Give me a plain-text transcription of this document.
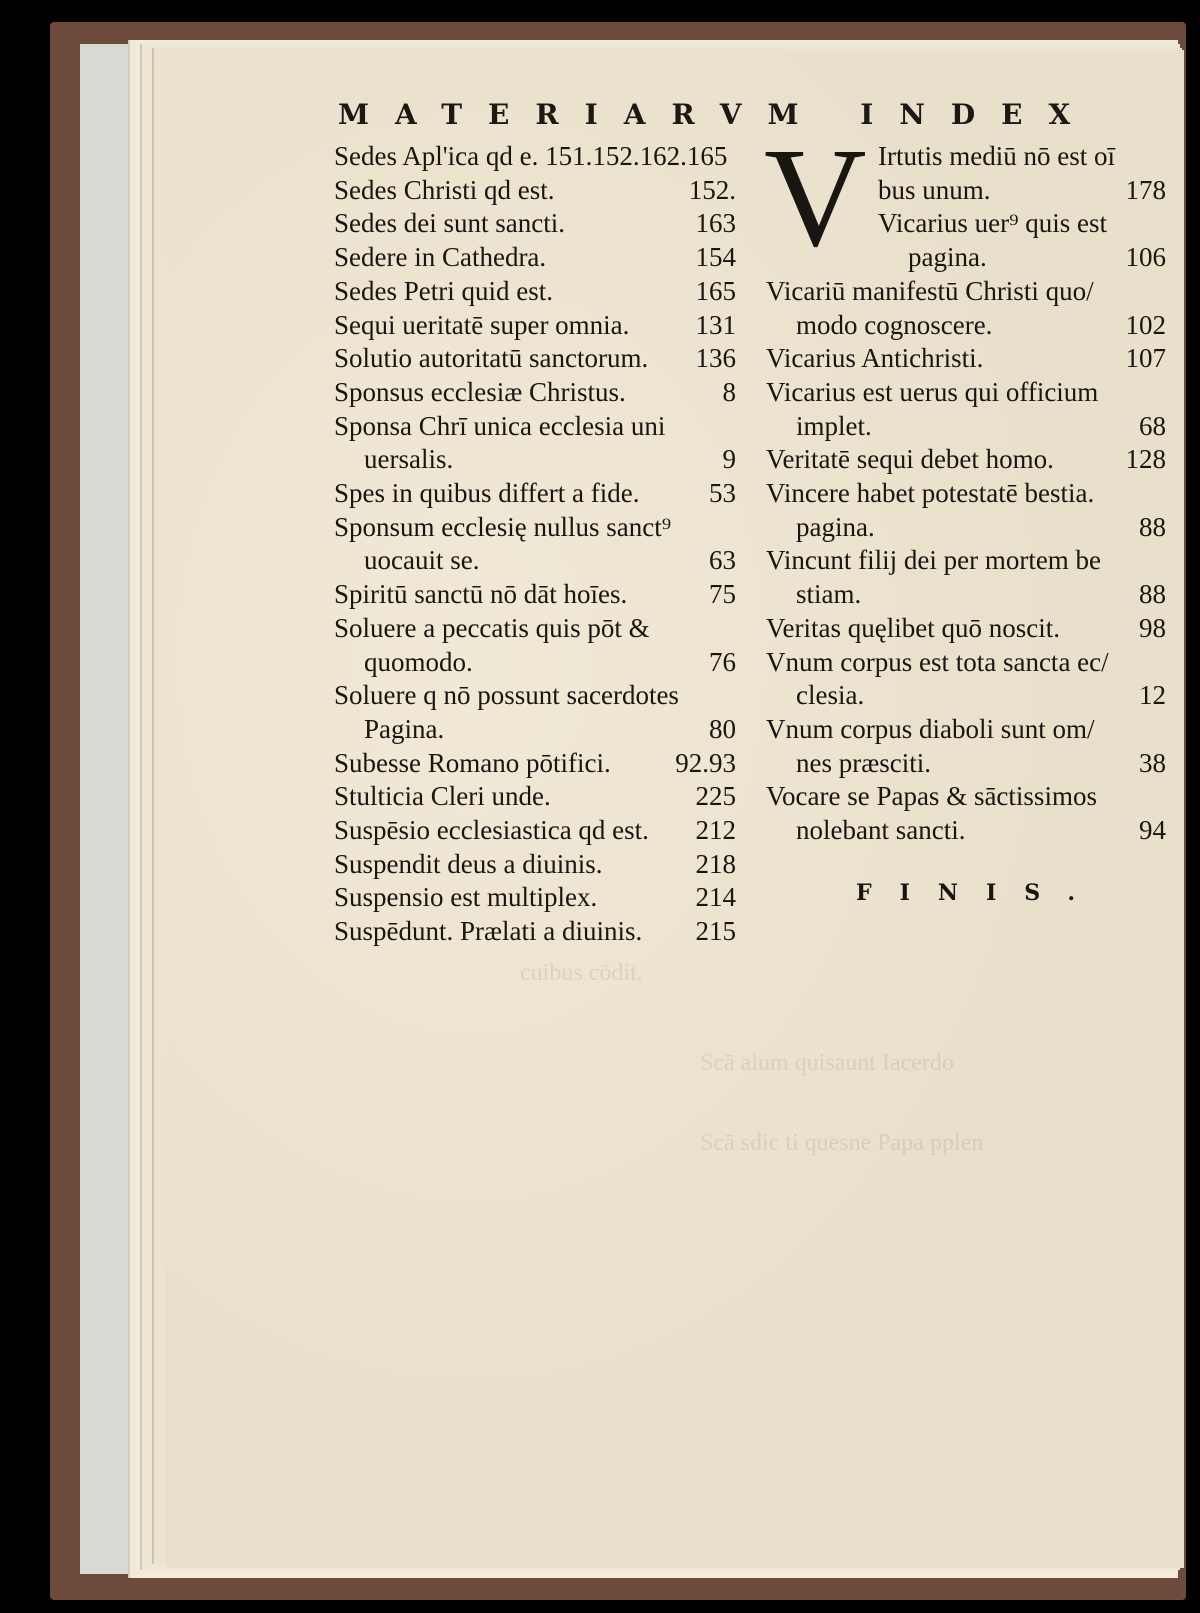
cuibus cōdit.
Scā alum quisaunt Iacerdo
Scā sdic ti quesne Papa pplen
MATERIARVM INDEX
Sedes Apl'ica qd e. 151.152.162.165
Sedes Christi qd est.	152.
Sedes dei sunt sancti.	163
Sedere in Cathedra.	154
Sedes Petri quid est.	165
Sequi ueritatē super omnia. 131
Solutio autoritatū sanctorum. 136
Sponsus ecclesiæ Christus.	8
Sponsa Chrī unica ecclesia uni
uersalis.	9
Spes in quibus differt a fide.	53
Sponsum ecclesię nullus sanct⁹
uocauit se.	63
Spiritū sanctū nō dāt hoīes.	75
Soluere a peccatis quis pōt &
quomodo.	76
Soluere q nō possunt sacerdotes
Pagina.	80
Subesse Romano pōtifici. 92.93
Stulticia Cleri unde.	225
Suspēsio ecclesiastica qd est. 212
Suspendit deus a diuinis.	218
Suspensio est multiplex.	214
Suspēdunt. Prælati a diuinis. 215
V Irtutis mediū nō est oī
bus unum.	178
Vicarius uer⁹ quis est
pagina.	106
Vicariū manifestū Christi quo/
modo cognoscere.	102
Vicarius Antichristi.	107
Vicarius est uerus qui officium
implet.	68
Veritatē sequi debet homo.	128
Vincere habet potestatē bestia.
pagina.	88
Vincunt filij dei per mortem be
stiam.	88
Veritas quęlibet quō noscit.	98
Vnum corpus est tota sancta ec/
clesia.	12
Vnum corpus diaboli sunt om/
nes præsciti.	38
Vocare se Papas & sāctissimos
nolebant sancti.	94
FINIS.
